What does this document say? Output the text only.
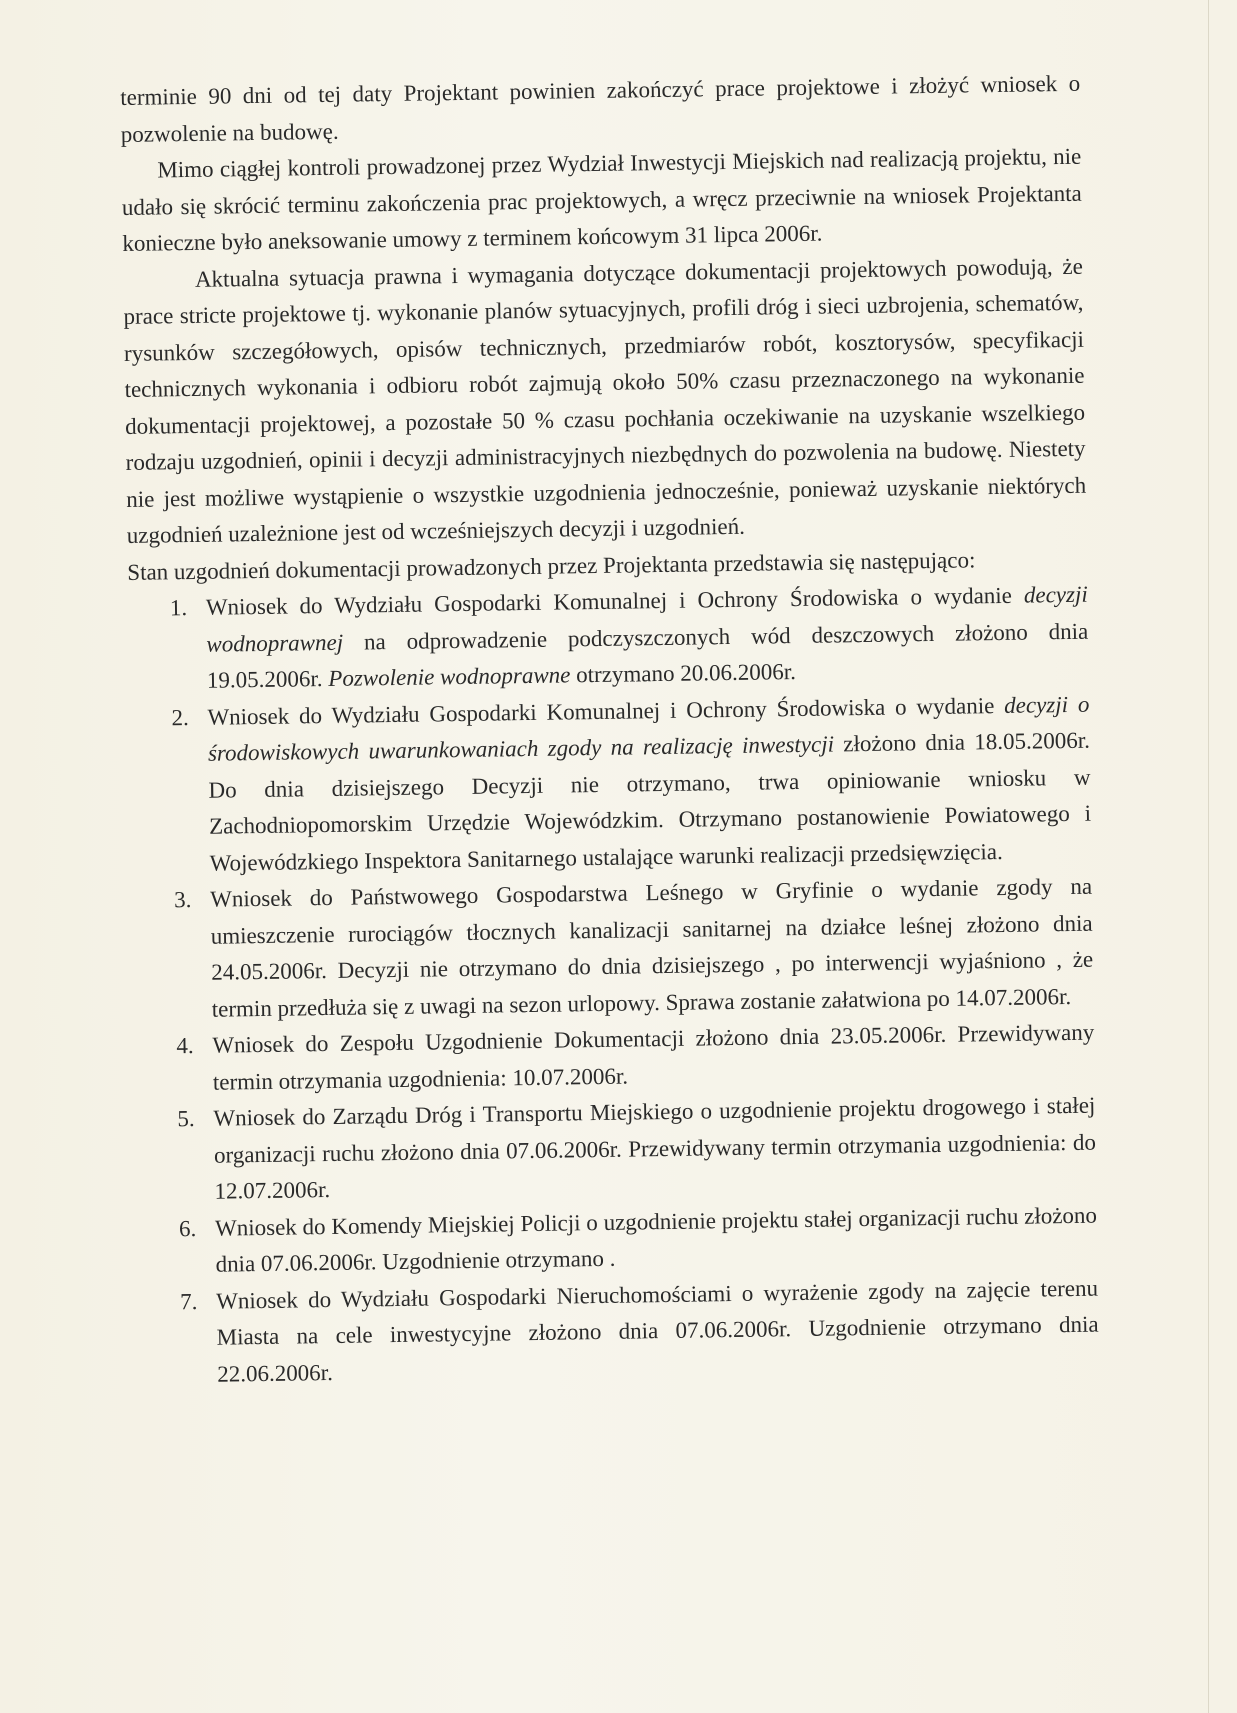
terminie 90 dni od tej daty Projektant powinien zakończyć prace projektowe i złożyć wniosek o pozwolenie na budowę.

Mimo ciągłej kontroli prowadzonej przez Wydział Inwestycji Miejskich nad realizacją projektu, nie udało się skrócić terminu zakończenia prac projektowych, a wręcz przeciwnie na wniosek Projektanta konieczne było aneksowanie umowy z terminem końcowym 31 lipca 2006r.

Aktualna sytuacja prawna i wymagania dotyczące dokumentacji projektowych powodują, że prace stricte projektowe tj. wykonanie planów sytuacyjnych, profili dróg i sieci uzbrojenia, schematów, rysunków szczegółowych, opisów technicznych, przedmiarów robót, kosztorysów, specyfikacji technicznych wykonania i odbioru robót zajmują około 50% czasu przeznaczonego na wykonanie dokumentacji projektowej, a pozostałe 50 % czasu pochłania oczekiwanie na uzyskanie wszelkiego rodzaju uzgodnień, opinii i decyzji administracyjnych niezbędnych do pozwolenia na budowę. Niestety nie jest możliwe wystąpienie o wszystkie uzgodnienia jednocześnie, ponieważ uzyskanie niektórych uzgodnień uzależnione jest od wcześniejszych decyzji i uzgodnień.

Stan uzgodnień dokumentacji prowadzonych przez Projektanta przedstawia się następująco:

1. Wniosek do Wydziału Gospodarki Komunalnej i Ochrony Środowiska o wydanie decyzji wodnoprawnej na odprowadzenie podczyszczonych wód deszczowych złożono dnia 19.05.2006r. Pozwolenie wodnoprawne otrzymano 20.06.2006r.
2. Wniosek do Wydziału Gospodarki Komunalnej i Ochrony Środowiska o wydanie decyzji o środowiskowych uwarunkowaniach zgody na realizację inwestycji złożono dnia 18.05.2006r. Do dnia dzisiejszego Decyzji nie otrzymano, trwa opiniowanie wniosku w Zachodniopomorskim Urzędzie Wojewódzkim. Otrzymano postanowienie Powiatowego i Wojewódzkiego Inspektora Sanitarnego ustalające warunki realizacji przedsięwzięcia.
3. Wniosek do Państwowego Gospodarstwa Leśnego w Gryfinie o wydanie zgody na umieszczenie rurociągów tłocznych kanalizacji sanitarnej na działce leśnej złożono dnia 24.05.2006r. Decyzji nie otrzymano do dnia dzisiejszego , po interwencji wyjaśniono , że termin przedłuża się z uwagi na sezon urlopowy. Sprawa zostanie załatwiona po 14.07.2006r.
4. Wniosek do Zespołu Uzgodnienie Dokumentacji złożono dnia 23.05.2006r. Przewidywany termin otrzymania uzgodnienia: 10.07.2006r.
5. Wniosek do Zarządu Dróg i Transportu Miejskiego o uzgodnienie projektu drogowego i stałej organizacji ruchu złożono dnia 07.06.2006r. Przewidywany termin otrzymania uzgodnienia: do 12.07.2006r.
6. Wniosek do Komendy Miejskiej Policji o uzgodnienie projektu stałej organizacji ruchu złożono dnia 07.06.2006r. Uzgodnienie otrzymano .
7. Wniosek do Wydziału Gospodarki Nieruchomościami o wyrażenie zgody na zajęcie terenu Miasta na cele inwestycyjne złożono dnia 07.06.2006r. Uzgodnienie otrzymano dnia 22.06.2006r.
